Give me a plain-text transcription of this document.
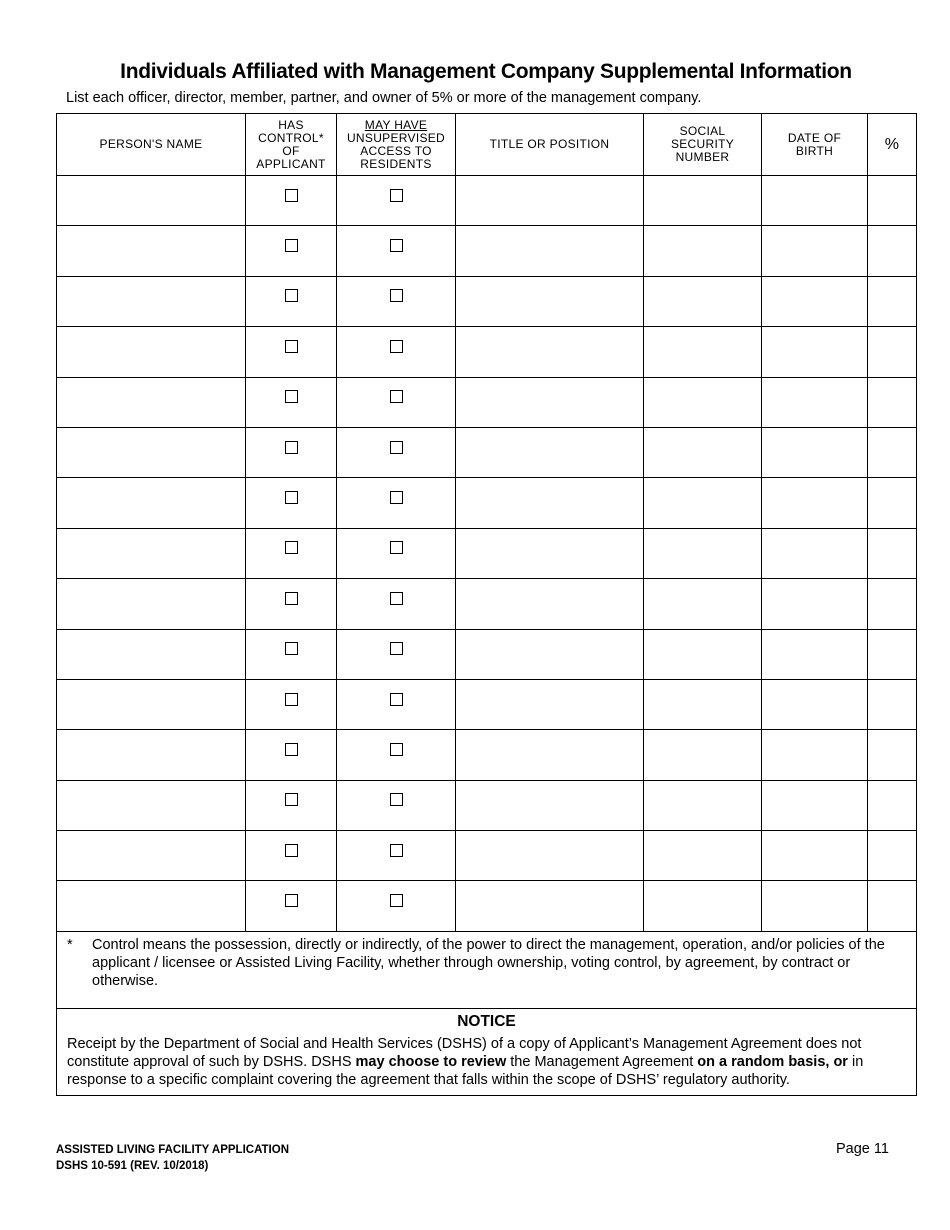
Individuals Affiliated with Management Company Supplemental Information

List each officer, director, member, partner, and owner of 5% or more of the management company.

PERSON'S NAME	HAS
CONTROL*
OF
APPLICANT	MAY HAVE
UNSUPERVISED
ACCESS TO
RESIDENTS	TITLE OR POSITION	SOCIAL
SECURITY
NUMBER	DATE OF
BIRTH	%

* Control means the possession, directly or indirectly, of the power to direct the management, operation, and/or policies of the applicant / licensee or Assisted Living Facility, whether through ownership, voting control, by agreement, by contract or otherwise.						

NOTICE
Receipt by the Department of Social and Health Services (DSHS) of a copy of Applicant’s Management Agreement does not constitute approval of such by DSHS. DSHS may choose to review the Management Agreement on a random basis, or in response to a specific complaint covering the agreement that falls within the scope of DSHS’ regulatory authority.						
ASSISTED LIVING FACILITY APPLICATION
DSHS 10-591 (REV. 10/2018)
Page 11
